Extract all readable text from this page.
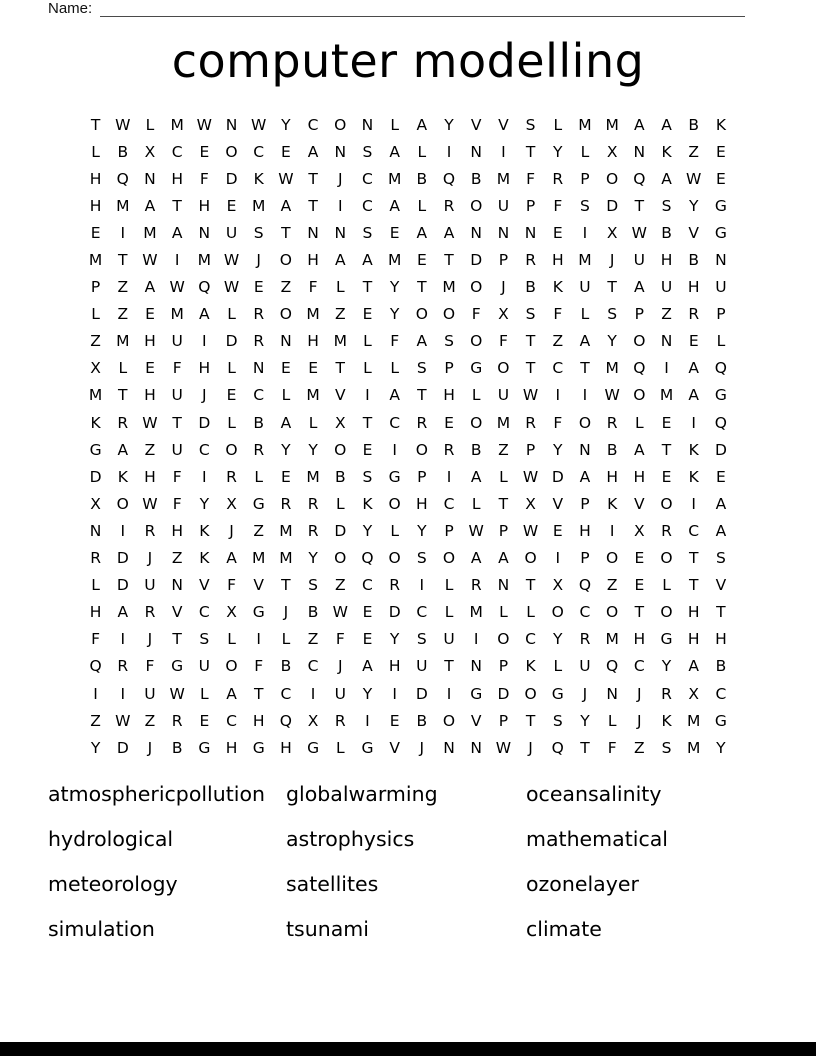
Name:
computer modelling
T W L	M W N W Y	C	O N	L	A	Y	V	V	S	L	M M A	A	B	K
L	B	X	C	E	O	C	E	A	N	S	A	L	I	N	I	T	Y	L	X	N	K	Z	E
H Q N	H	F	D	K W T	J	C M B	Q	B M	F	R	P	O Q	A W E
H M A	T	H	E	M A	T	I	C	A	L	R	O U	P	F	S	D	T	S	Y	G
E	I	M A	N	U	S	T	N	N	S	E	A	A	N	N	N	E	I	X W B	V	G
M	T W	I	M W	J	O H	A	A M	E	T	D	P	R	H M	J	U	H	B	N
P	Z	A W Q W E	Z	F	L	T	Y	T	M O	J	B	K	U	T	A	U	H	U
L	Z	E	M A	L	R	O M Z	E	Y	O O	F	X	S	F	L	S	P	Z	R	P
Z M H	U	I	D	R	N	H M	L	F	A	S	O	F	T	Z	A	Y	O N	E	L
X	L	E	F	H	L	N	E	E	T	L	L	S	P	G O	T	C	T	M Q	I	A	Q
M	T	H	U	J	E	C	L	M V	I	A	T	H	L	U W	I	I	W O M A	G
K	R W T	D	L	B	A	L	X	T	C	R	E	O M R	F	O	R	L	E	I	Q
G	A	Z	U	C	O	R	Y	Y	O	E	I	O	R	B	Z	P	Y	N	B	A	T	K	D
D	K	H	F	I	R	L	E	M B	S	G	P	I	A	L W D	A	H	H	E	K	E
X	O W F	Y	X	G	R	R	L	K	O H	C	L	T	X	V	P	K	V	O	I	A
N	I	R	H	K	J	Z M R	D	Y	L	Y	P W P W E	H	I	X	R	C	A
R	D	J	Z	K	A M M	Y	O Q O	S	O	A	A	O	I	P	O	E	O	T	S
L	D	U	N	V	F	V	T	S	Z	C	R	I	L	R	N	T	X	Q	Z	E	L	T	V
H	A	R	V	C	X	G	J	B W E	D	C	L	M	L	L	O	C	O	T	O H	T
F	I	J	T	S	L	I	L	Z	F	E	Y	S	U	I	O	C	Y	R M H G H	H
Q	R	F	G	U O	F	B	C	J	A	H	U	T	N	P	K	L	U Q	C	Y	A	B
I	I	U W L	A	T	C	I	U	Y	I	D	I	G D O G	J	N	J	R	X	C
Z W Z	R	E	C	H Q	X	R	I	E	B	O	V	P	T	S	Y	L	J	K M G
Y	D	J	B	G H G H G	L	G	V	J	N	N W	J	Q	T	F	Z	S	M	Y
atmosphericpollution	globalwarming	oceansalinity
hydrological	astrophysics	mathematical
meteorology	satellites	ozonelayer
simulation	tsunami	climate
